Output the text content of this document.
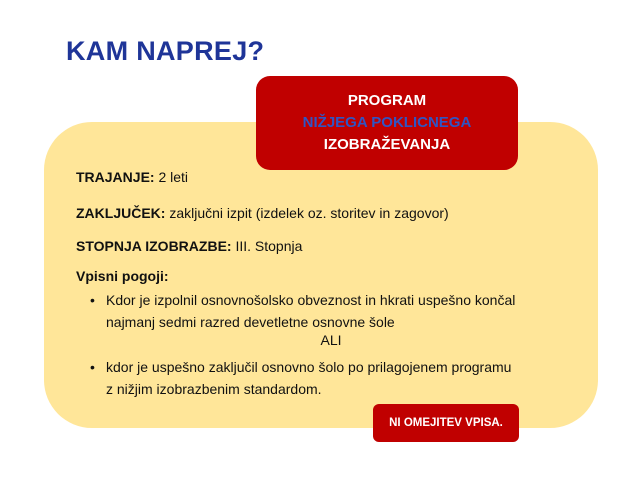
KAM NAPREJ?
PROGRAM
NIŽJEGA POKLICNEGA
IZOBRAŽEVANJA

TRAJANJE: 2 leti

ZAKLJUČEK: zaključni izpit (izdelek oz. storitev in zagovor)

STOPNJA IZOBRAZBE: III. Stopnja

Vpisni pogoji:

• Kdor je izpolnil osnovnošolsko obveznost in hkrati uspešno končal
najmanj sedmi razred devetletne osnovne šole
ALI
• kdor je uspešno zaključil osnovno šolo po prilagojenem programu
z nižjim izobrazbenim standardom.
NI OMEJITEV VPISA.
